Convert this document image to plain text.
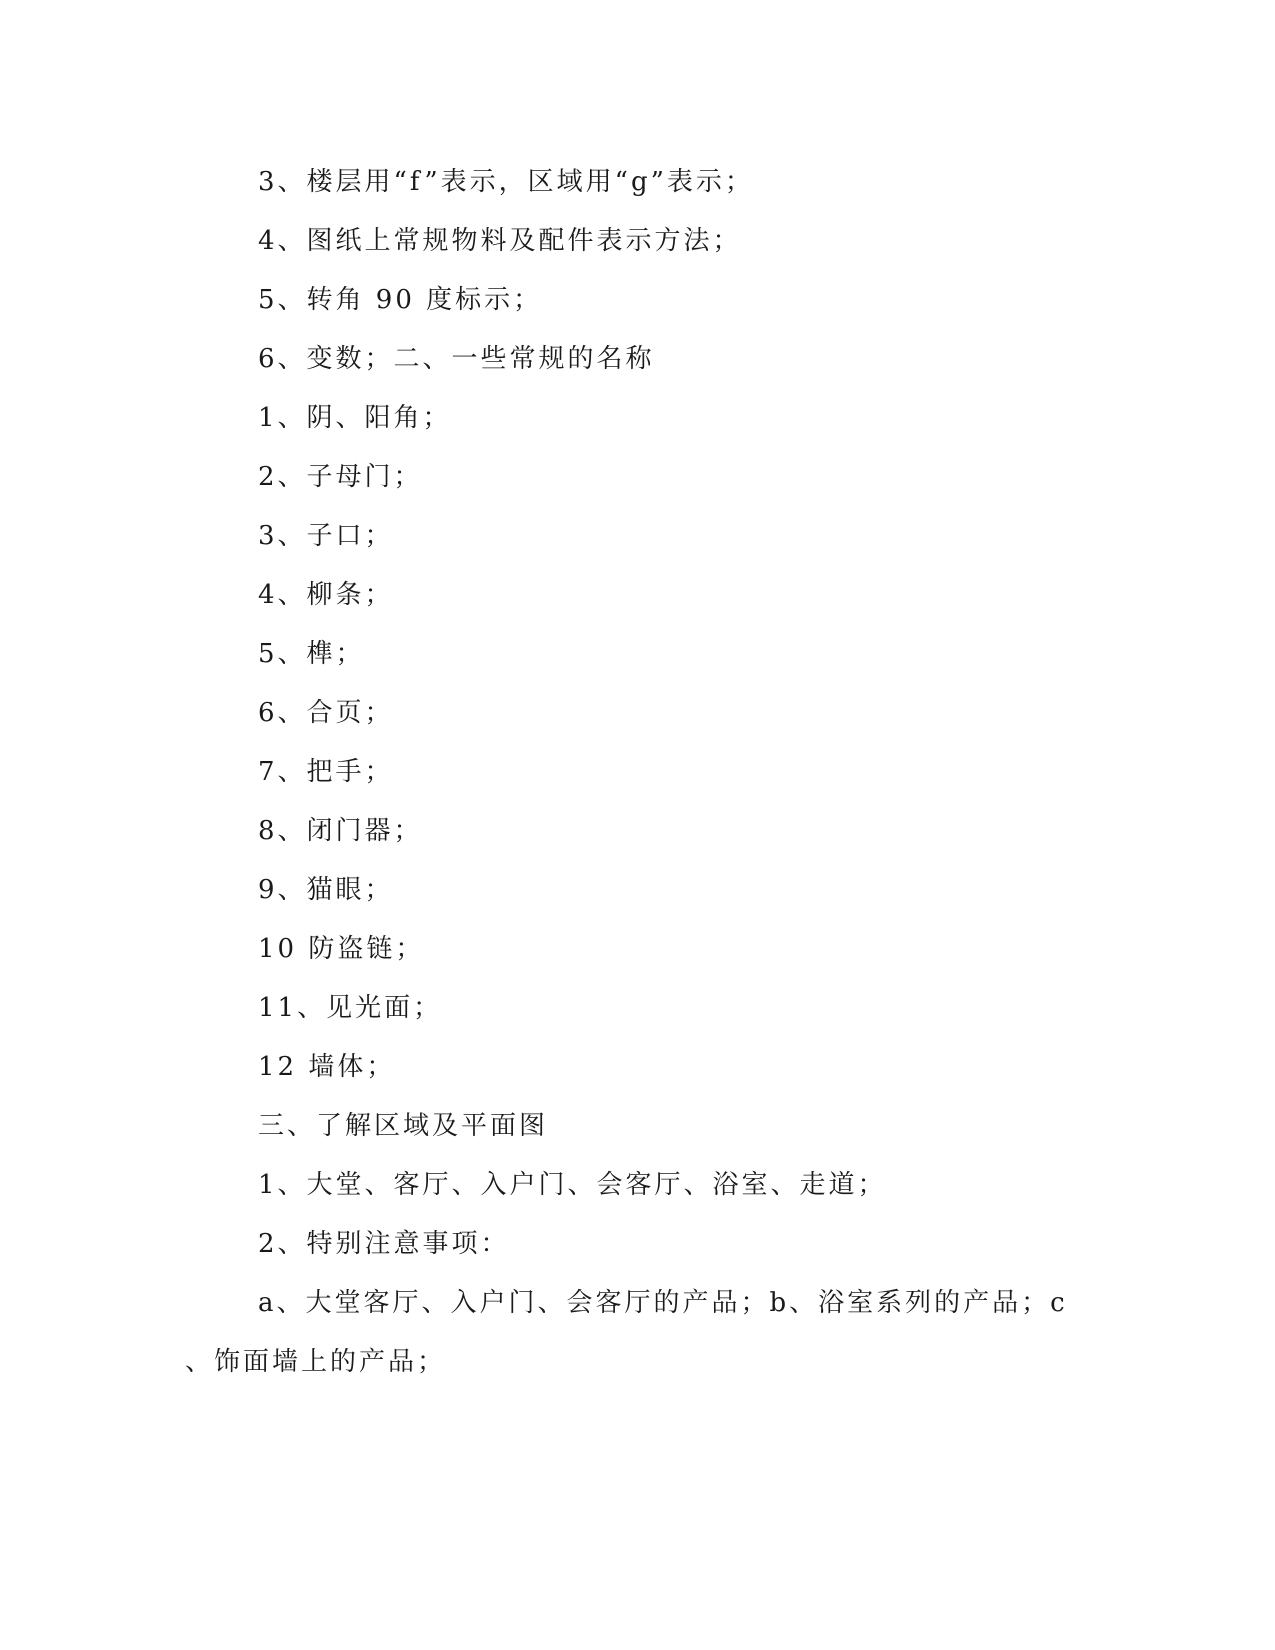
3、楼层用“f”表示，区域用“g”表示；
4、图纸上常规物料及配件表示方法；
5、转角 90 度标示；
6、变数；二、一些常规的名称
1、阴、阳角；
2、子母门；
3、子口；
4、柳条；
5、榫；
6、合页；
7、把手；
8、闭门器；
9、猫眼；
10 防盗链；
11、见光面；
12 墙体；
三、了解区域及平面图
1、大堂、客厅、入户门、会客厅、浴室、走道；
2、特别注意事项：
a、大堂客厅、入户门、会客厅的产品；b、浴室系列的产品；c
、饰面墙上的产品；
